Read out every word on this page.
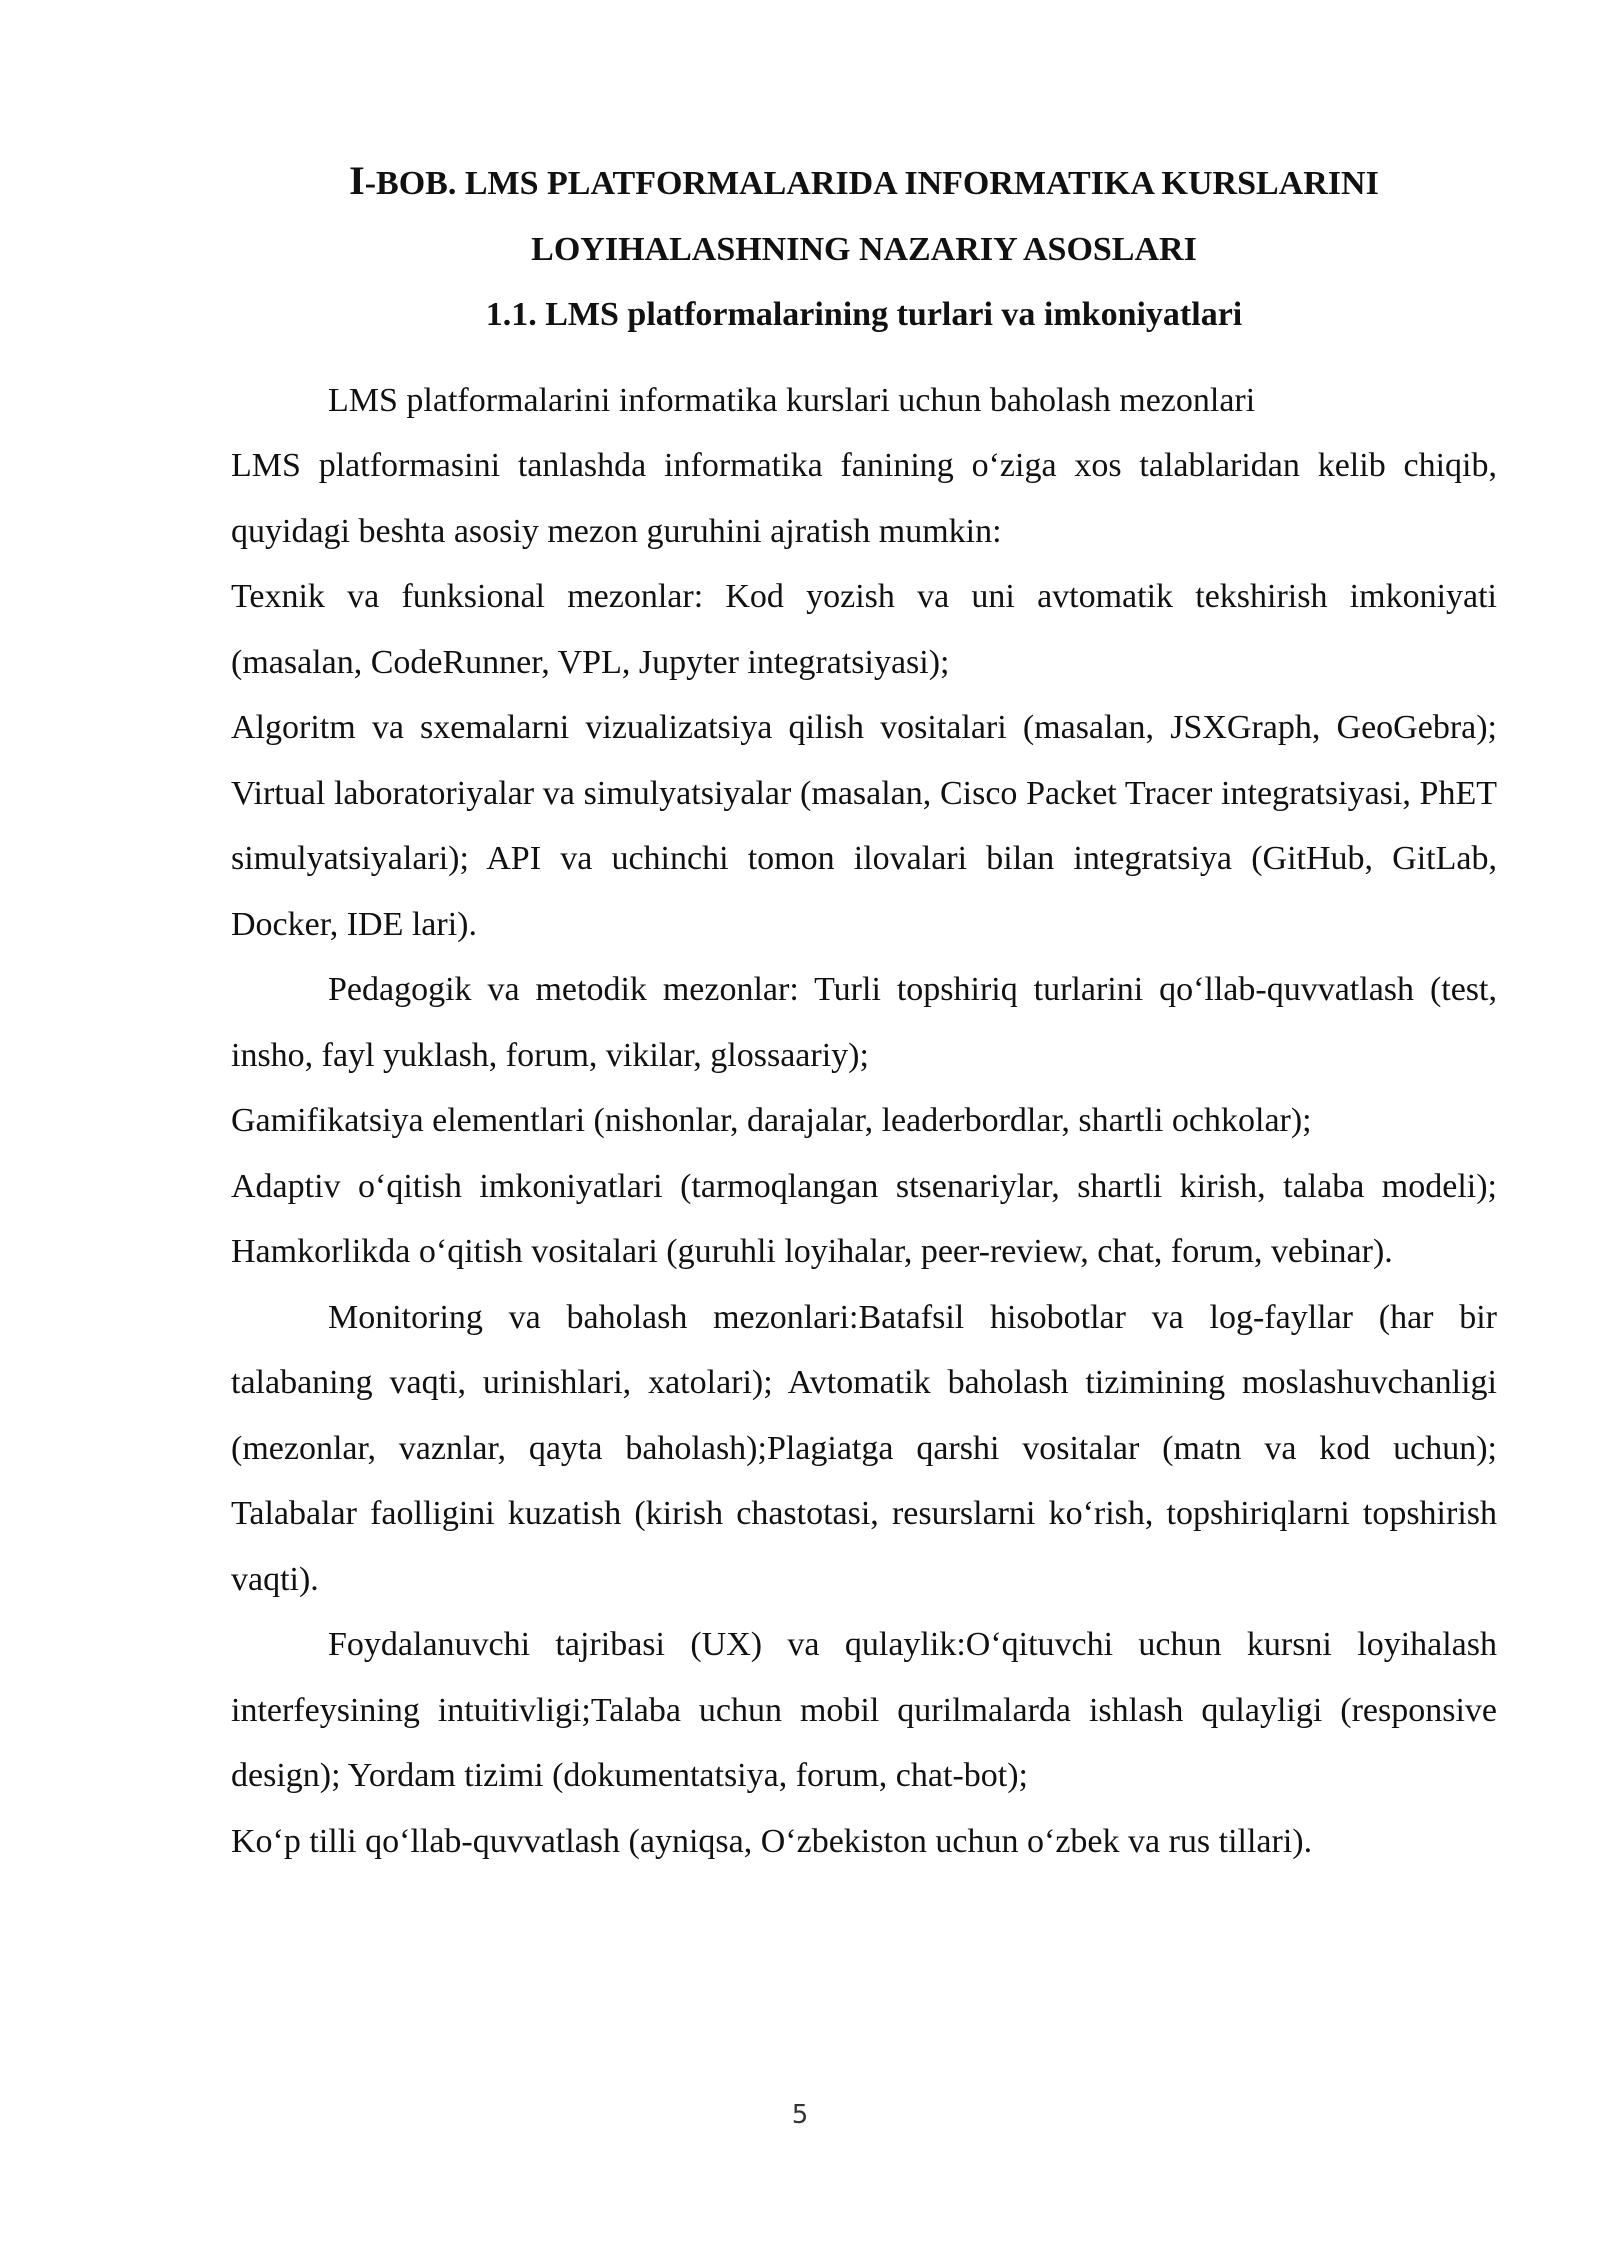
I-BOB. LMS PLATFORMALARIDA INFORMATIKA KURSLARINI
LOYIHALASHNING NAZARIY ASOSLARI
1.1. LMS platformalarining turlari va imkoniyatlari

LMS platformalarini informatika kurslari uchun baholash mezonlari

LMS platformasini tanlashda informatika fanining o‘ziga xos talablaridan kelib chiqib, quyidagi beshta asosiy mezon guruhini ajratish mumkin:

Texnik va funksional mezonlar: Kod yozish va uni avtomatik tekshirish imkoniyati (masalan, CodeRunner, VPL, Jupyter integratsiyasi);

Algoritm va sxemalarni vizualizatsiya qilish vositalari (masalan, JSXGraph, GeoGebra); Virtual laboratoriyalar va simulyatsiyalar (masalan, Cisco Packet Tracer integratsiyasi, PhET simulyatsiyalari); API va uchinchi tomon ilovalari bilan integratsiya (GitHub, GitLab, Docker, IDE lari).

Pedagogik va metodik mezonlar: Turli topshiriq turlarini qo‘llab-quvvatlash (test, insho, fayl yuklash, forum, vikilar, glossaariy);

Gamifikatsiya elementlari (nishonlar, darajalar, leaderbordlar, shartli ochkolar);

Adaptiv o‘qitish imkoniyatlari (tarmoqlangan stsenariylar, shartli kirish, talaba modeli); Hamkorlikda o‘qitish vositalari (guruhli loyihalar, peer-review, chat, forum, vebinar).

Monitoring va baholash mezonlari:Batafsil hisobotlar va log-fayllar (har bir talabaning vaqti, urinishlari, xatolari); Avtomatik baholash tizimining moslashuvchanligi (mezonlar, vaznlar, qayta baholash);Plagiatga qarshi vositalar (matn va kod uchun); Talabalar faolligini kuzatish (kirish chastotasi, resurslarni ko‘rish, topshiriqlarni topshirish vaqti).

Foydalanuvchi tajribasi (UX) va qulaylik:O‘qituvchi uchun kursni loyihalash interfeysining intuitivligi;Talaba uchun mobil qurilmalarda ishlash qulayligi (responsive design); Yordam tizimi (dokumentatsiya, forum, chat-bot);

Ko‘p tilli qo‘llab-quvvatlash (ayniqsa, O‘zbekiston uchun o‘zbek va rus tillari).

5
